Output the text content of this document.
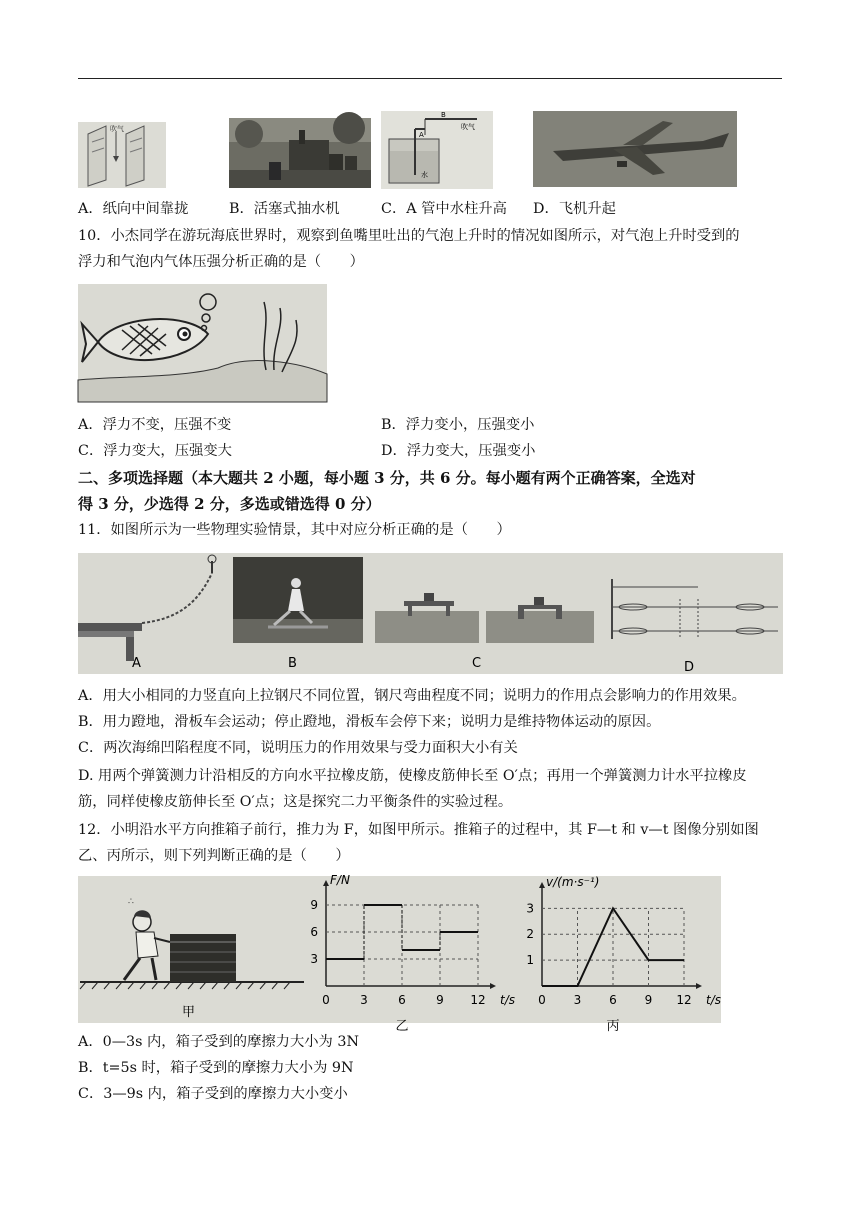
吹气
B
A
吹气
水
A．纸向中间靠拢	B．活塞式抽水机	C．A 管中水柱升高 D．飞机升起
10．小杰同学在游玩海底世界时，观察到鱼嘴里吐出的气泡上升时的情况如图所示，对气泡上升时受到的
浮力和气泡内气体压强分析正确的是（　　）
A．浮力不变，压强不变	B．浮力变小，压强变小
C．浮力变大，压强变大	D．浮力变大，压强变小
二、多项选择题（本大题共 2 小题，每小题 3 分，共 6 分。每小题有两个正确答案，全选对
得 3 分，少选得 2 分，多选或错选得 0 分）
11．如图所示为一些物理实验情景，其中对应分析正确的是（　　）
A	B	C	D
A．用大小相同的力竖直向上拉钢尺不同位置，钢尺弯曲程度不同；说明力的作用点会影响力的作用效果。
B．用力蹬地，滑板车会运动；停止蹬地，滑板车会停下来；说明力是维持物体运动的原因。
C．两次海绵凹陷程度不同，说明压力的作用效果与受力面积大小有关
D. 用两个弹簧测力计沿相反的方向水平拉橡皮筋，使橡皮筋伸长至 O′点；再用一个弹簧测力计水平拉橡皮
筋，同样使橡皮筋伸长至 O′点；这是探究二力平衡条件的实验过程。
12．小明沿水平方向推箱子前行，推力为 F，如图甲所示。推箱子的过程中，其 F—t 和 v—t 图像分别如图
乙、丙所示，则下列判断正确的是（　　）
∴
甲
0	3	6	9 12
3
6
9
t/s
F/N
乙
0 3 6 9 12
1
2
3
t/s
v/(m·s⁻¹)
丙
A．0—3s 内，箱子受到的摩擦力大小为 3N
B．t=5s 时，箱子受到的摩擦力大小为 9N
C．3—9s 内，箱子受到的摩擦力大小变小
